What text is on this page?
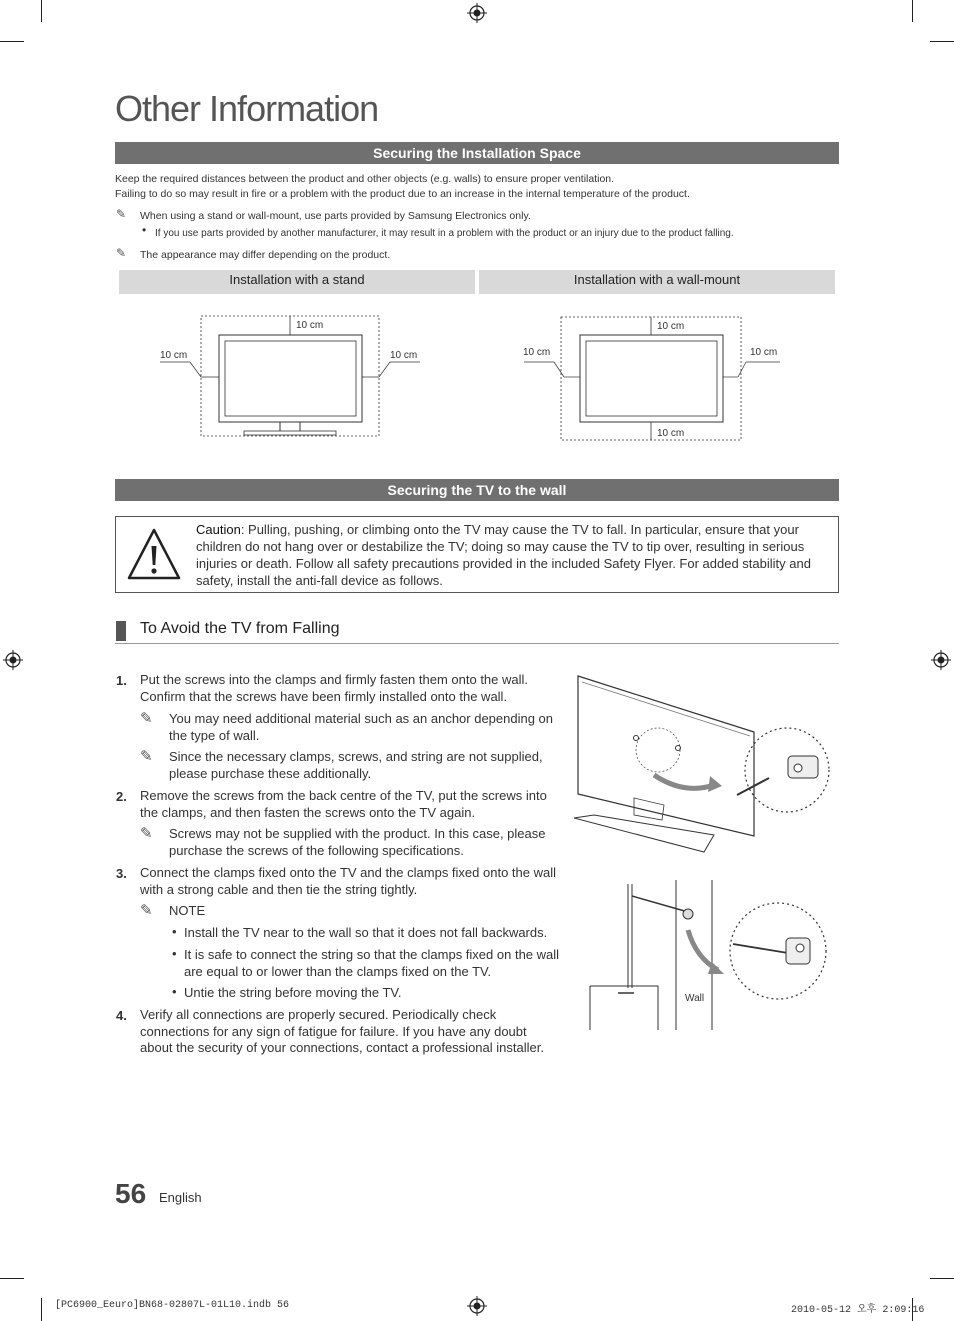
Other Information
Securing the Installation Space
Keep the required distances between the product and other objects (e.g. walls) to ensure proper ventilation.
Failing to do so may result in fire or a problem with the product due to an increase in the internal temperature of the product.
✎ When using a stand or wall-mount, use parts provided by Samsung Electronics only.
• If you use parts provided by another manufacturer, it may result in a problem with the product or an injury due to the product falling.
✎ The appearance may differ depending on the product.
Installation with a stand	Installation with a wall-mount
10 cm
10 cm	10 cm
10 cm
10 cm	10 cm
10 cm
Securing the TV to the wall
Caution: Pulling, pushing, or climbing onto the TV may cause the TV to fall. In particular, ensure that your children do not hang over or destabilize the TV; doing so may cause the TV to tip over, resulting in serious injuries or death. Follow all safety precautions provided in the included Safety Flyer. For added stability and safety, install the anti-fall device as follows.
To Avoid the TV from Falling
1. Put the screws into the clamps and firmly fasten them onto the wall. Confirm that the screws have been firmly installed onto the wall.
✎ You may need additional material such as an anchor depending on the type of wall.
✎ Since the necessary clamps, screws, and string are not supplied, please purchase these additionally.
2. Remove the screws from the back centre of the TV, put the screws into the clamps, and then fasten the screws onto the TV again.
✎ Screws may not be supplied with the product. In this case, please purchase the screws of the following specifications.
3. Connect the clamps fixed onto the TV and the clamps fixed onto the wall with a strong cable and then tie the string tightly.
✎ NOTE
• Install the TV near to the wall so that it does not fall backwards.
• It is safe to connect the string so that the clamps fixed on the wall are equal to or lower than the clamps fixed on the TV.
• Untie the string before moving the TV.
4. Verify all connections are properly secured. Periodically check connections for any sign of fatigue for failure. If you have any doubt about the security of your connections, contact a professional installer.
Wall
56 English
[PC6900_Eeuro]BN68-02807L-01L10.indb 56	2010-05-12 오후 2:09:16
